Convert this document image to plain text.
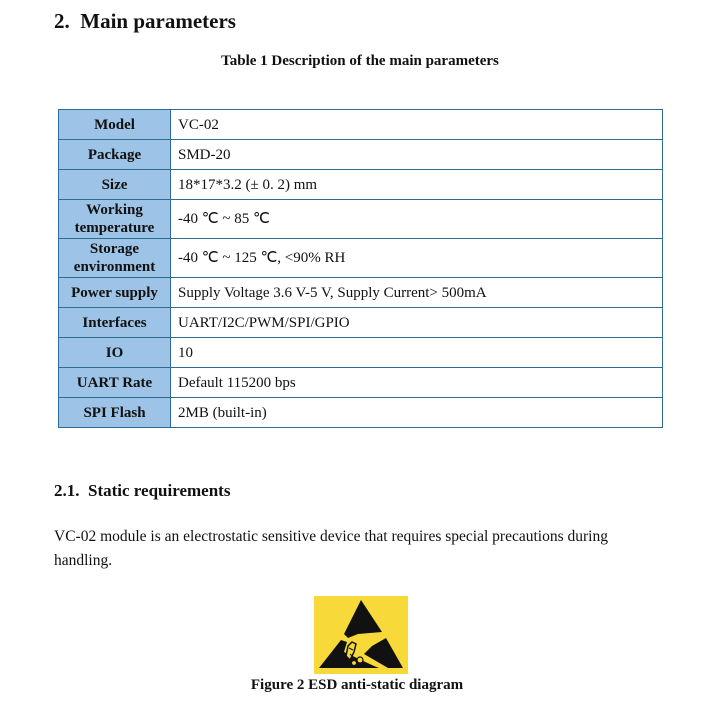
2. Main parameters
Table 1 Description of the main parameters
Model	VC-02
Package	SMD-20
Size	18*17*3.2 (± 0. 2) mm
Working
temperature	-40 ℃ ~ 85 ℃
Storage
environment	-40 ℃ ~ 125 ℃, <90% RH
Power supply	Supply Voltage 3.6 V-5 V, Supply Current> 500mA
Interfaces	UART/I2C/PWM/SPI/GPIO
IO	10
UART Rate	Default 115200 bps
SPI Flash	2MB (built-in)
2.1. Static requirements

VC-02 module is an electrostatic sensitive device that requires special precautions during handling.

Figure 2 ESD anti-static diagram
